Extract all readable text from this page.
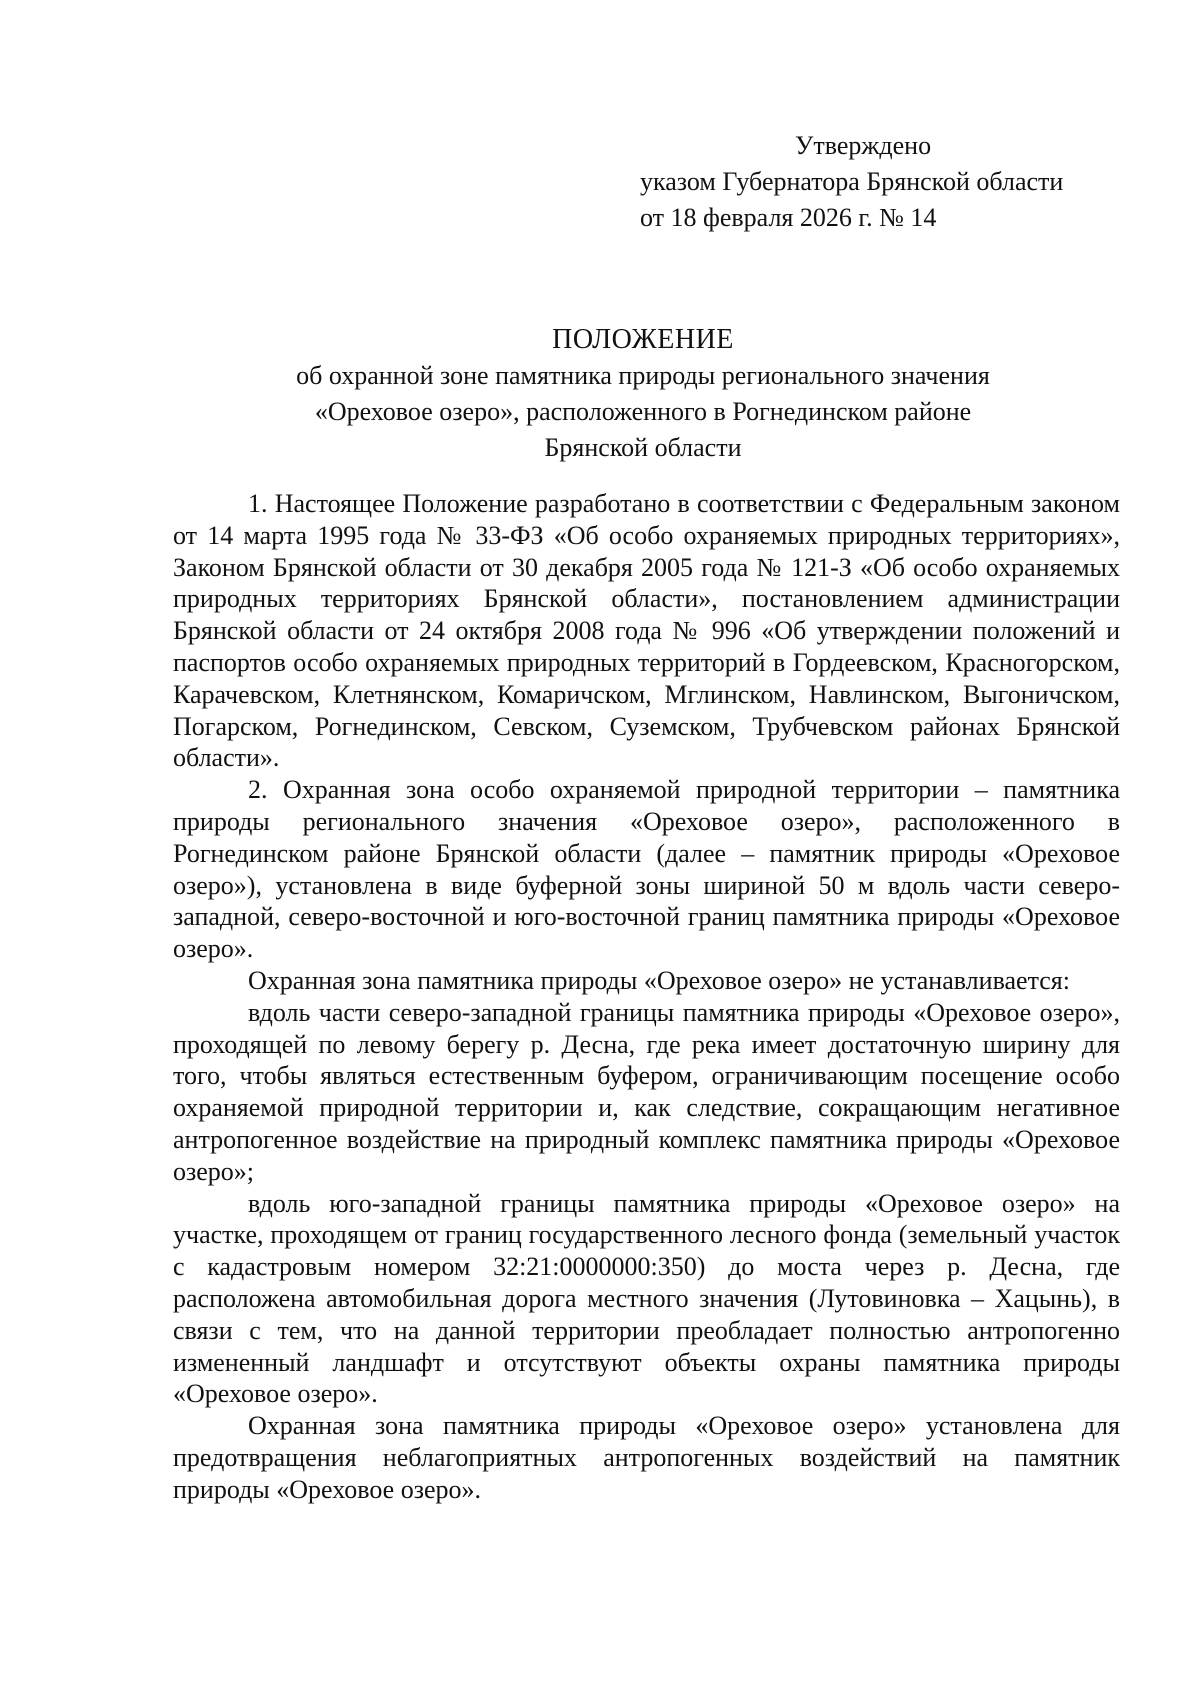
Утверждено
указом Губернатора Брянской области
от 18 февраля 2026 г. № 14
ПОЛОЖЕНИЕ
об охранной зоне памятника природы регионального значения
«Ореховое озеро», расположенного в Рогнединском районе
Брянской области

1. Настоящее Положение разработано в соответствии с Федеральным законом от 14 марта 1995 года № 33-ФЗ «Об особо охраняемых природных территориях», Законом Брянской области от 30 декабря 2005 года № 121-З «Об особо охраняемых природных территориях Брянской области», постановлением администрации Брянской области от 24 октября 2008 года № 996 «Об утверждении положений и паспортов особо охраняемых природных территорий в Гордеевском, Красногорском, Карачевском, Клетнянском, Комаричском, Мглинском, Навлинском, Выгоничском, Погарском, Рогнединском, Севском, Суземском, Трубчевском районах Брянской области».

2. Охранная зона особо охраняемой природной территории – памятника природы регионального значения «Ореховое озеро», расположенного в Рогнединском районе Брянской области (далее – памятник природы «Ореховое озеро»), установлена в виде буферной зоны шириной 50 м вдоль части северо-западной, северо-восточной и юго-восточной границ памятника природы «Ореховое озеро».

Охранная зона памятника природы «Ореховое озеро» не устанавливается:

вдоль части северо-западной границы памятника природы «Ореховое озеро», проходящей по левому берегу р. Десна, где река имеет достаточную ширину для того, чтобы являться естественным буфером, ограничивающим посещение особо охраняемой природной территории и, как следствие, сокращающим негативное антропогенное воздействие на природный комплекс памятника природы «Ореховое озеро»;

вдоль юго-западной границы памятника природы «Ореховое озеро» на участке, проходящем от границ государственного лесного фонда (земельный участок с кадастровым номером 32:21:0000000:350) до моста через р. Десна, где расположена автомобильная дорога местного значения (Лутовиновка – Хацынь), в связи с тем, что на данной территории преобладает полностью антропогенно измененный ландшафт и отсутствуют объекты охраны памятника природы «Ореховое озеро».

Охранная зона памятника природы «Ореховое озеро» установлена для предотвращения неблагоприятных антропогенных воздействий на памятник природы «Ореховое озеро».
